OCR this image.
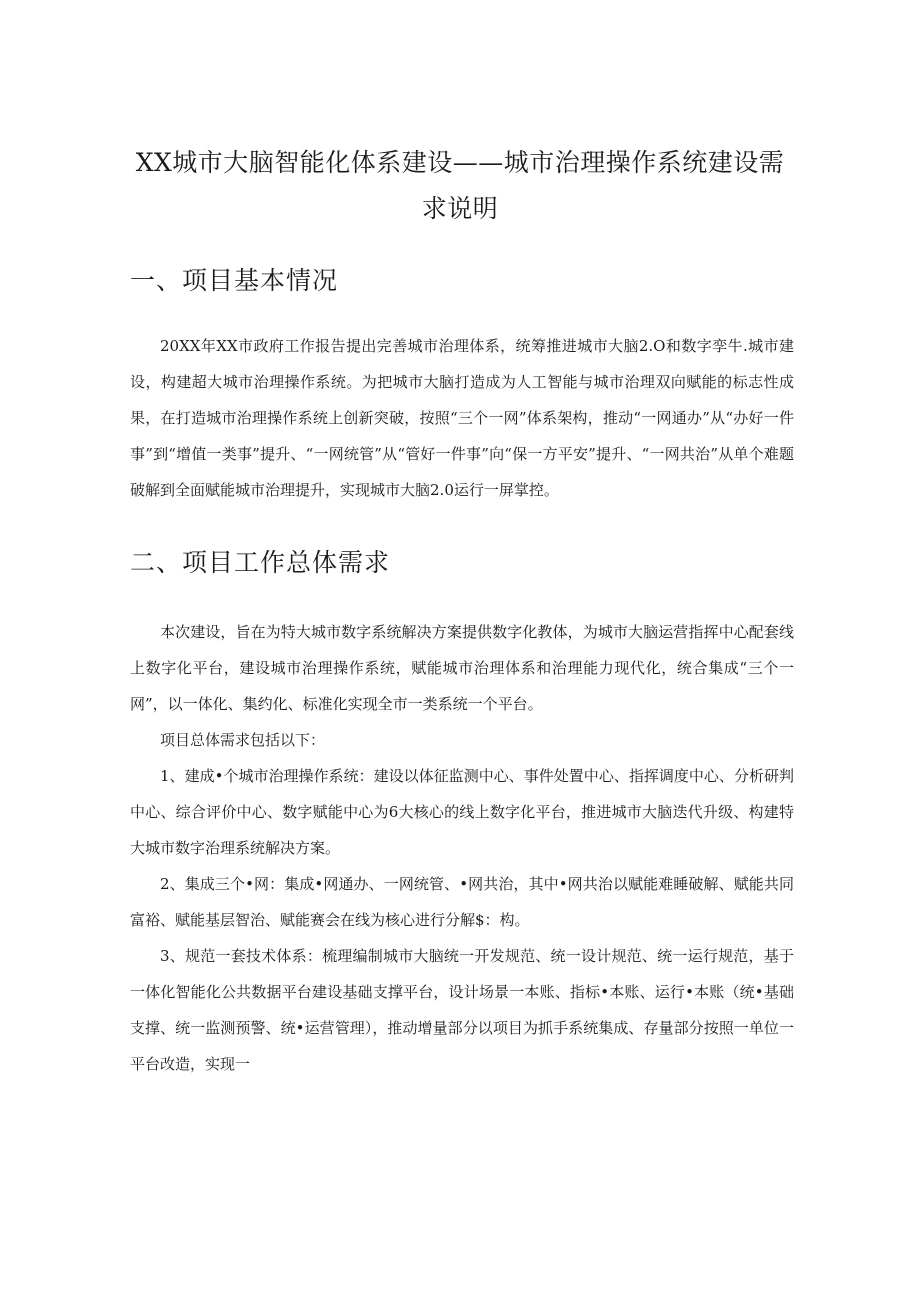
XX城市大脑智能化体系建设——城市治理操作系统建设需求说明
一、项目基本情况

20XX年XX市政府工作报告提出完善城市治理体系，统筹推进城市大脑2.O和数字孪牛.城市建设，构建超大城市治理操作系统。为把城市大脑打造成为人工智能与城市治理双向赋能的标志性成果，在打造城市治理操作系统上创新突破，按照“三个一网”体系架构，推动“一网通办”从“办好一件事”到“增值一类事”提升、“一网统管”从“管好一件事”向“保一方平安”提升、“一网共治”从单个难题破解到全面赋能城市治理提升，实现城市大脑2.0运行一屏掌控。

二、项目工作总体需求

本次建设，旨在为特大城市数字系统解决方案提供数字化教体，为城市大脑运营指挥中心配套线上数字化平台，建设城市治理操作系统，赋能城市治理体系和治理能力现代化，统合集成“三个一网”，以一体化、集约化、标准化实现全市一类系统一个平台。

项目总体需求包括以下：

1、建成•个城市治理操作系统：建设以体征监测中心、事件处置中心、指挥调度中心、分析研判中心、综合评价中心、数字赋能中心为6大核心的线上数字化平台，推进城市大脑迭代升级、构建特大城市数字治理系统解决方案。

2、集成三个•网：集成•网通办、一网统管、•网共治，其中•网共治以赋能难睡破解、赋能共同富裕、赋能基层智治、赋能赛会在线为核心进行分解$：构。

3、规范一套技术体系：梳理编制城市大脑统一开发规范、统一设计规范、统一运行规范，基于一体化智能化公共数据平台建设基础支撑平台，设计场景一本账、指标•本账、运行•本账（统•基础支撑、统一监测预警、统•运营管理），推动增量部分以项目为抓手系统集成、存量部分按照一单位一平台改造，实现一
